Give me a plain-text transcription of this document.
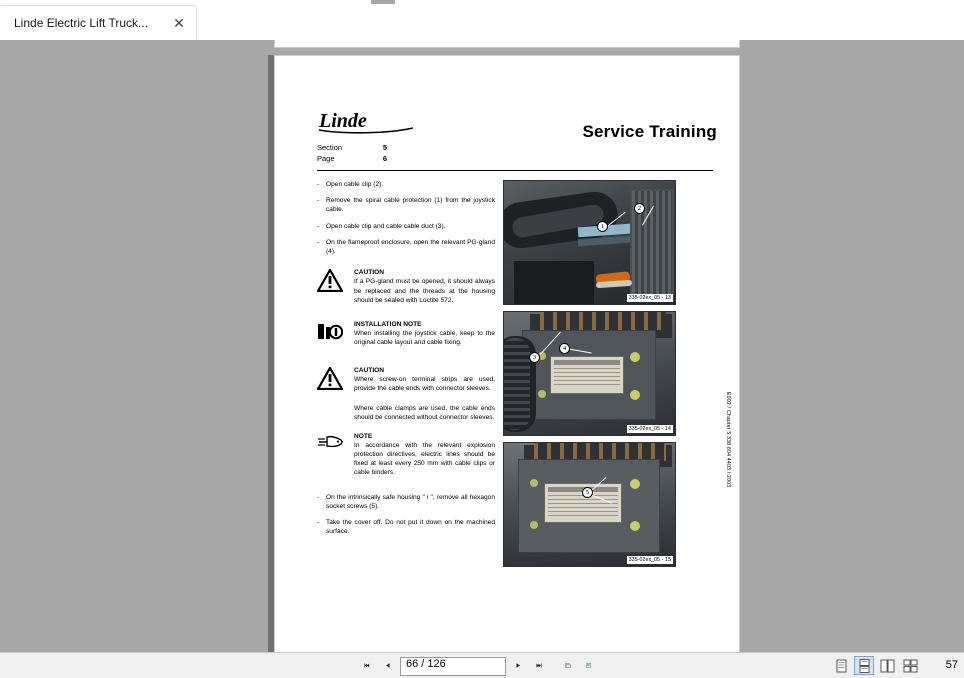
Linde Electric Lift Truck...	✕
Linde
Section	5
Page	6
Service Training
-	Open cable clip (2).
-	Remove the spiral cable protection (1) from the joystick cable.
-	Open cable clip and cable cable duct (3).
-	On the flameproof enclosure, open the relevant PG-gland (4).
CAUTION

If a PG-gland must be opened, it should always be replaced and the threads at the housing should be sealed with Loctite 572.

INSTALLATION NOTE

When installing the joystick cable, keep to the original cable layout and cable fixing.

CAUTION

Where screw-on terminal strips are used, provide the cable ends with connector sleeves.

Where cable clamps are used, the cable ends should be connected without connector sleeves.
NOTE

In accordance with the relevant explosion protection directives, electric lines should be fixed at least every 250 mm with cable clips or cable binders.

-	On the intrinsically safe housing " i ", remove all hexagon socket screws (5).
-	Take the cover off. Do not put it down on the machined surface.
1
2
335-02ex_05 - 13
3
4
335-02ex_05 - 14
5
335-02ex_05 - 15
E002 / Chapter 5 338 804 4403 / 2003
66 / 126	57
